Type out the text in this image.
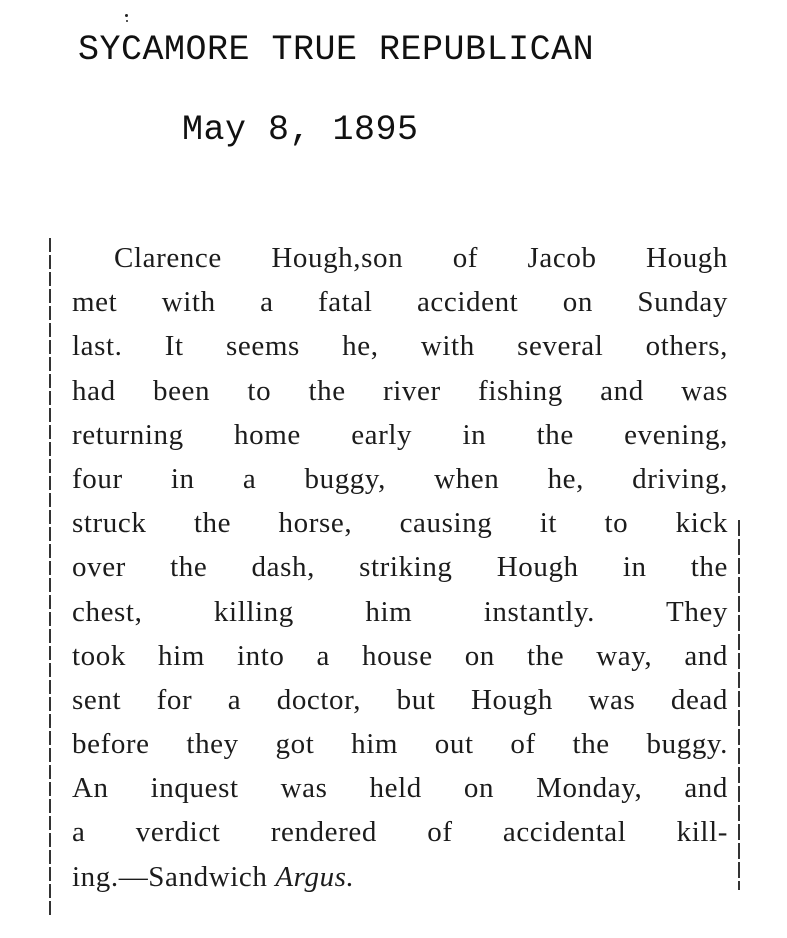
SYCAMORE TRUE REPUBLICAN
May 8, 1895
Clarence Hough,son of Jacob Hough
met with a fatal accident on Sunday
last. It seems he, with several others,
had been to the river fishing and was
returning home early in the evening,
four in a buggy, when he, driving,
struck the horse, causing it to kick
over the dash, striking Hough in the
chest, killing him instantly. They
took him into a house on the way, and
sent for a doctor, but Hough was dead
before they got him out of the buggy.
An inquest was held on Monday, and
a verdict rendered of accidental kill-
ing.—Sandwich Argus.
